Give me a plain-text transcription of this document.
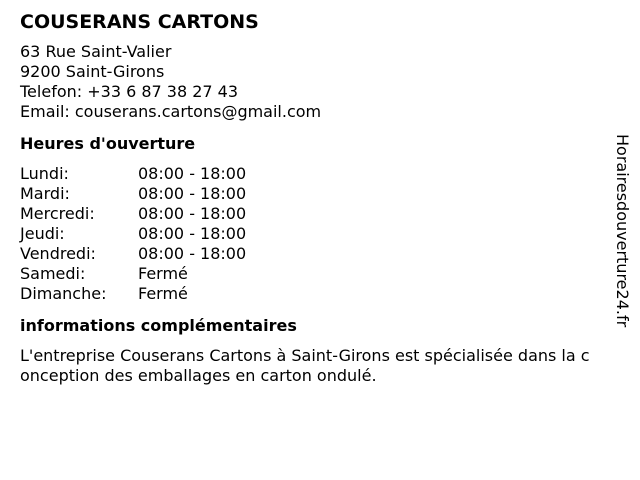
COUSERANS CARTONS
63 Rue Saint-Valier
9200 Saint-Girons
Telefon: +33 6 87 38 27 43
Email: couserans.cartons@gmail.com
Heures d'ouverture
Lundi:	08:00 - 18:00
Mardi:	08:00 - 18:00
Mercredi:	08:00 - 18:00
Jeudi:	08:00 - 18:00
Vendredi:	08:00 - 18:00
Samedi:	Fermé
Dimanche:	Fermé
informations complémentaires
L'entreprise Couserans Cartons à Saint-Girons est spécialisée dans la conception des emballages en carton ondulé.
Horairesdouverture24.fr
